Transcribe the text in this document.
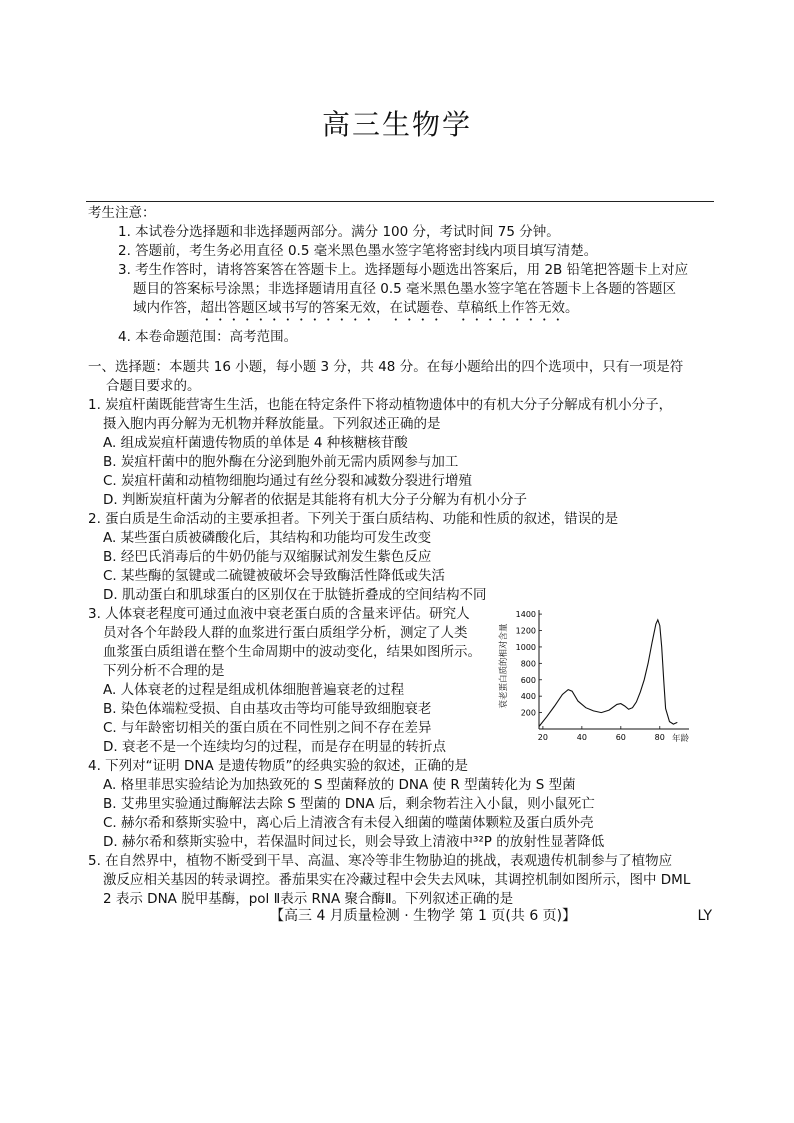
高三生物学
考生注意：
1. 本试卷分选择题和非选择题两部分。满分 100 分，考试时间 75 分钟。
2. 答题前，考生务必用直径 0.5 毫米黑色墨水签字笔将密封线内项目填写清楚。
3. 考生作答时，请将答案答在答题卡上。选择题每小题选出答案后，用 2B 铅笔把答题卡上对应
题目的答案标号涂黑；非选择题请用直径 0.5 毫米黑色墨水签字笔在答题卡上各题的答题区
域内作答，超出答题区域书写的答案无效，在试题卷、草稿纸上作答无效。
4. 本卷命题范围：高考范围。
一、选择题：本题共 16 小题，每小题 3 分，共 48 分。在每小题给出的四个选项中，只有一项是符
合题目要求的。
1. 炭疽杆菌既能营寄生生活，也能在特定条件下将动植物遗体中的有机大分子分解成有机小分子，
摄入胞内再分解为无机物并释放能量。下列叙述正确的是
A. 组成炭疽杆菌遗传物质的单体是 4 种核糖核苷酸
B. 炭疽杆菌中的胞外酶在分泌到胞外前无需内质网参与加工
C. 炭疽杆菌和动植物细胞均通过有丝分裂和减数分裂进行增殖
D. 判断炭疽杆菌为分解者的依据是其能将有机大分子分解为有机小分子
2. 蛋白质是生命活动的主要承担者。下列关于蛋白质结构、功能和性质的叙述，错误的是
A. 某些蛋白质被磷酸化后，其结构和功能均可发生改变
B. 经巴氏消毒后的牛奶仍能与双缩脲试剂发生紫色反应
C. 某些酶的氢键或二硫键被破坏会导致酶活性降低或失活
D. 肌动蛋白和肌球蛋白的区别仅在于肽链折叠成的空间结构不同
3. 人体衰老程度可通过血液中衰老蛋白质的含量来评估。研究人
员对各个年龄段人群的血浆进行蛋白质组学分析，测定了人类
血浆蛋白质组谱在整个生命周期中的波动变化，结果如图所示。
下列分析不合理的是
A. 人体衰老的过程是组成机体细胞普遍衰老的过程
B. 染色体端粒受损、自由基攻击等均可能导致细胞衰老
C. 与年龄密切相关的蛋白质在不同性别之间不存在差异
D. 衰老不是一个连续均匀的过程，而是存在明显的转折点
4. 下列对“证明 DNA 是遗传物质”的经典实验的叙述，正确的是
A. 格里菲思实验结论为加热致死的 S 型菌释放的 DNA 使 R 型菌转化为 S 型菌
B. 艾弗里实验通过酶解法去除 S 型菌的 DNA 后，剩余物若注入小鼠，则小鼠死亡
C. 赫尔希和蔡斯实验中，离心后上清液含有未侵入细菌的噬菌体颗粒及蛋白质外壳
D. 赫尔希和蔡斯实验中，若保温时间过长，则会导致上清液中³²P 的放射性显著降低
5. 在自然界中，植物不断受到干旱、高温、寒冷等非生物胁迫的挑战，表观遗传机制参与了植物应
激反应相关基因的转录调控。番茄果实在冷藏过程中会失去风味，其调控机制如图所示，图中 DML
2 表示 DNA 脱甲基酶，pol Ⅱ表示 RNA 聚合酶Ⅱ。下列叙述正确的是
衰老蛋白质的相对含量
200
400
600
800
1000
1200
1400
20	40	60	80 年龄
【高三 4 月质量检测 · 生物学 第 1 页(共 6 页)】	LY
